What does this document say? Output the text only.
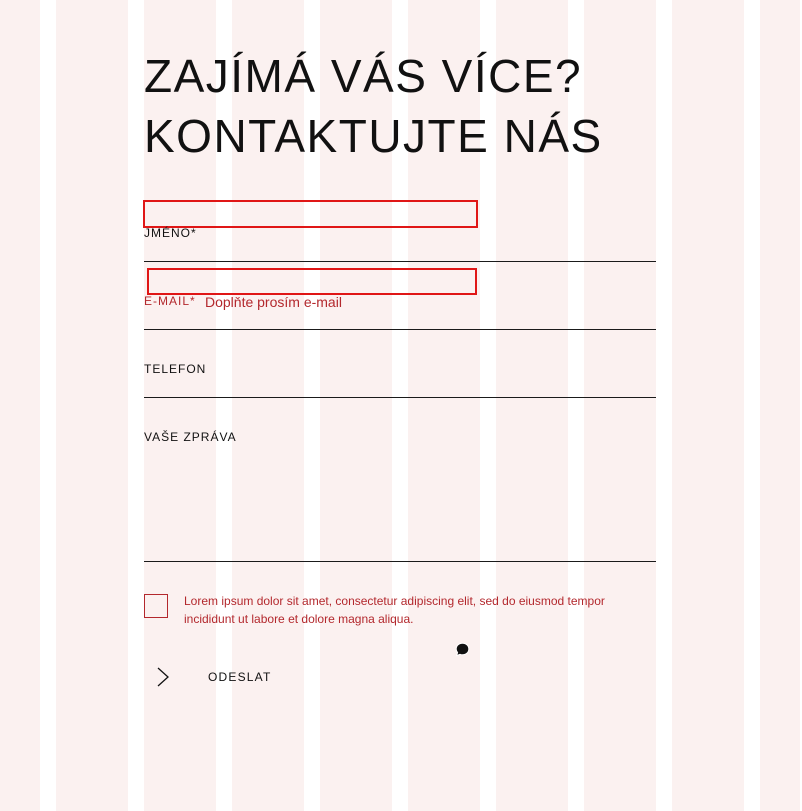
ZAJÍMÁ VÁS VÍCE?
KONTAKTUJTE NÁS
JMÉNO*
E-MAIL* Doplňte prosím e-mail
TELEFON
VAŠE ZPRÁVA
Lorem ipsum dolor sit amet, consectetur adipiscing elit, sed do eiusmod tempor incididunt ut labore et dolore magna aliqua.
ODESLAT
